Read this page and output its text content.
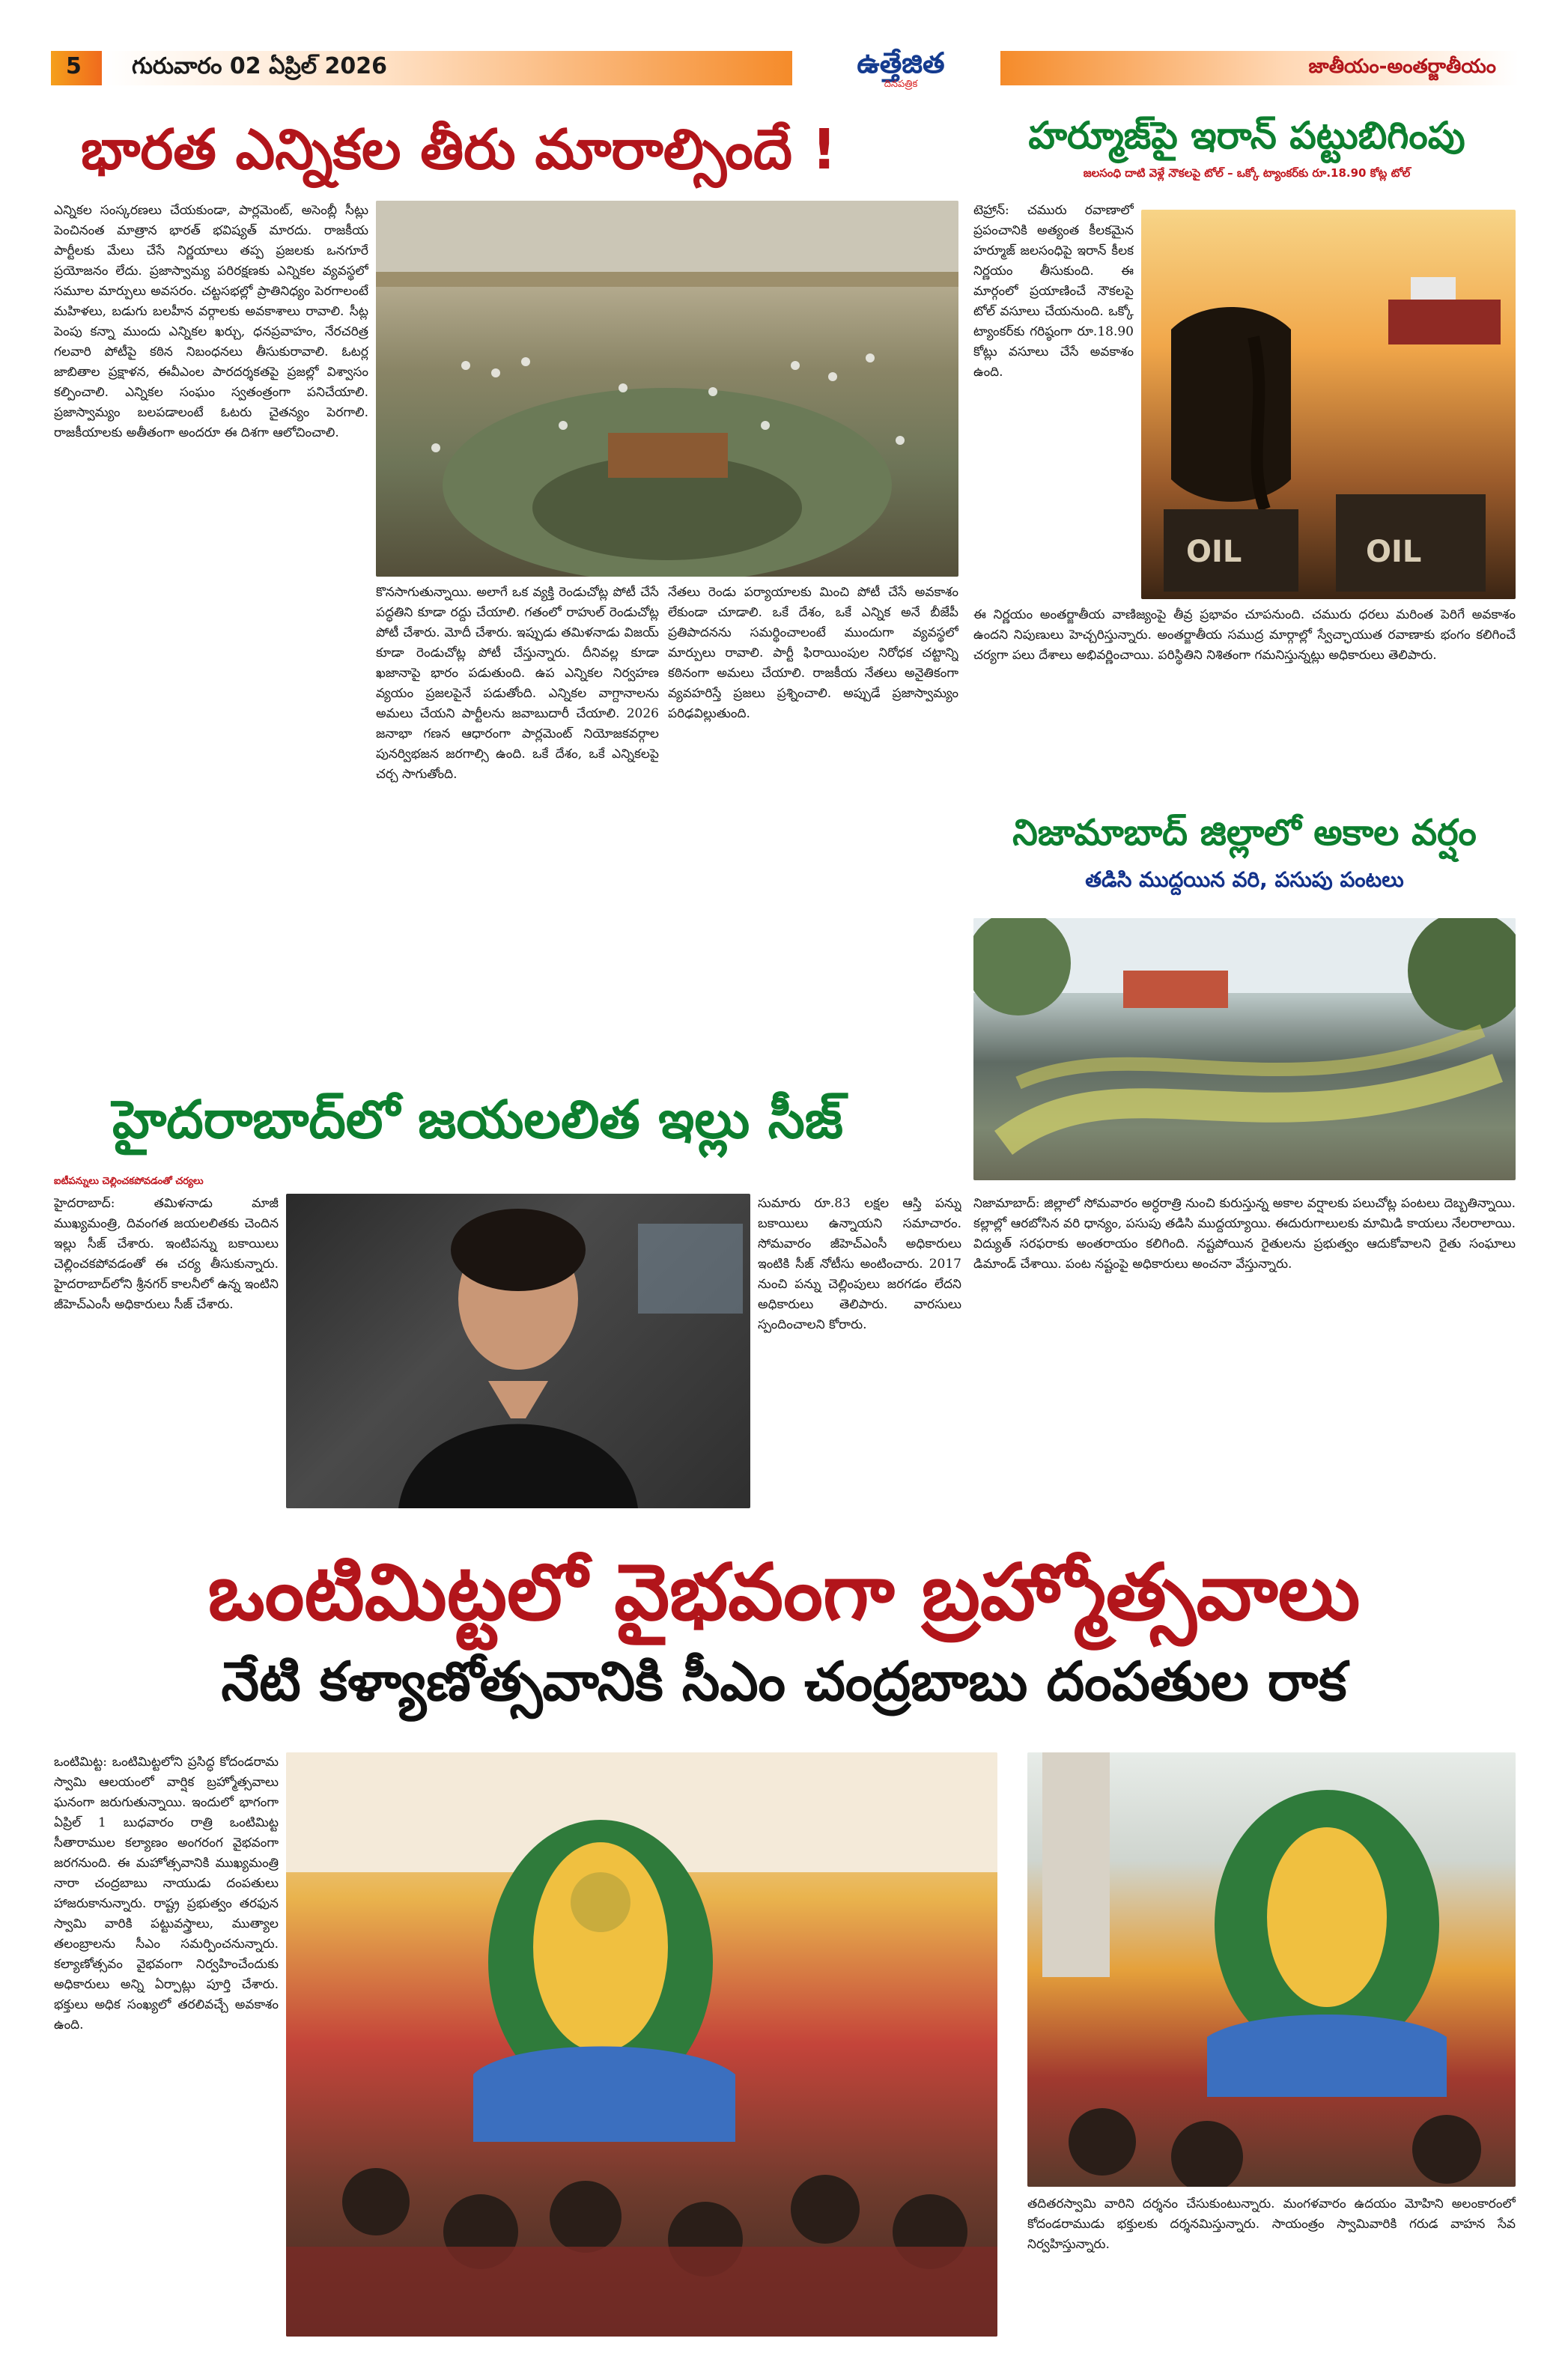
5 గురువారం 02 ఏప్రిల్ 2026	ఉత్తేజిత
దినపత్రిక
జాతీయం-అంతర్జాతీయం
భారత ఎన్నికల తీరు మారాల్సిందే !
ఎన్నికల సంస్కరణలు చేయకుండా, పార్లమెంట్, అసెంబ్లీ సీట్లు పెంచినంత మాత్రాన భారత్ భవిష్యత్ మారదు. రాజకీయ పార్టీలకు మేలు చేసే నిర్ణయాలు తప్ప ప్రజలకు ఒనగూరే ప్రయోజనం లేదు. ప్రజాస్వామ్య పరిరక్షణకు ఎన్నికల వ్యవస్థలో సమూల మార్పులు అవసరం. చట్టసభల్లో ప్రాతినిధ్యం పెరగాలంటే మహిళలు, బడుగు బలహీన వర్గాలకు అవకాశాలు రావాలి. సీట్ల పెంపు కన్నా ముందు ఎన్నికల ఖర్చు, ధనప్రవాహం, నేరచరిత్ర గలవారి పోటీపై కఠిన నిబంధనలు తీసుకురావాలి. ఓటర్ల జాబితాల ప్రక్షాళన, ఈవీఎంల పారదర్శకతపై ప్రజల్లో విశ్వాసం కల్పించాలి. ఎన్నికల సంఘం స్వతంత్రంగా పనిచేయాలి. ప్రజాస్వామ్యం బలపడాలంటే ఓటరు చైతన్యం పెరగాలి. రాజకీయాలకు అతీతంగా అందరూ ఈ దిశగా ఆలోచించాలి.
కొనసాగుతున్నాయి. అలాగే ఒక వ్యక్తి రెండుచోట్ల పోటీ చేసే పద్ధతిని కూడా రద్దు చేయాలి. గతంలో రాహుల్ రెండుచోట్ల పోటీ చేశారు. మోదీ చేశారు. ఇప్పుడు తమిళనాడు విజయ్ కూడా రెండుచోట్ల పోటీ చేస్తున్నారు. దీనివల్ల కూడా ఖజానాపై భారం పడుతుంది. ఉప ఎన్నికల నిర్వహణ వ్యయం ప్రజలపైనే పడుతోంది. ఎన్నికల వాగ్దానాలను అమలు చేయని పార్టీలను జవాబుదారీ చేయాలి. 2026 జనాభా గణన ఆధారంగా పార్లమెంట్ నియోజకవర్గాల పునర్విభజన జరగాల్సి ఉంది. ఒకే దేశం, ఒకే ఎన్నికలపై చర్చ సాగుతోంది.
నేతలు రెండు పర్యాయాలకు మించి పోటీ చేసే అవకాశం లేకుండా చూడాలి. ఒకే దేశం, ఒకే ఎన్నిక అనే బీజేపీ ప్రతిపాదనను సమర్థించాలంటే ముందుగా వ్యవస్థలో మార్పులు రావాలి. పార్టీ ఫిరాయింపుల నిరోధక చట్టాన్ని కఠినంగా అమలు చేయాలి. రాజకీయ నేతలు అనైతికంగా వ్యవహరిస్తే ప్రజలు ప్రశ్నించాలి. అప్పుడే ప్రజాస్వామ్యం పరిఢవిల్లుతుంది.
హర్మూజ్‌పై ఇరాన్ పట్టుబిగింపు
జలసంధి దాటి వెళ్లే నౌకలపై టోల్ – ఒక్కో ట్యాంకర్‌కు రూ.18.90 కోట్ల టోల్
టెహ్రాన్: చమురు రవాణాలో ప్రపంచానికి అత్యంత కీలకమైన హర్మూజ్ జలసంధిపై ఇరాన్ కీలక నిర్ణయం తీసుకుంది. ఈ మార్గంలో ప్రయాణించే నౌకలపై టోల్ వసూలు చేయనుంది. ఒక్కో ట్యాంకర్‌కు గరిష్ఠంగా రూ.18.90 కోట్లు వసూలు చేసే అవకాశం ఉంది.
OIL	OIL
ఈ నిర్ణయం అంతర్జాతీయ వాణిజ్యంపై తీవ్ర ప్రభావం చూపనుంది. చమురు ధరలు మరింత పెరిగే అవకాశం ఉందని నిపుణులు హెచ్చరిస్తున్నారు. అంతర్జాతీయ సముద్ర మార్గాల్లో స్వేచ్ఛాయుత రవాణాకు భంగం కలిగించే చర్యగా పలు దేశాలు అభివర్ణించాయి. పరిస్థితిని నిశితంగా గమనిస్తున్నట్లు అధికారులు తెలిపారు.
నిజామాబాద్ జిల్లాలో అకాల వర్షం
తడిసి ముద్దయిన వరి, పసుపు పంటలు
హైదరాబాద్‌లో జయలలిత ఇల్లు సీజ్
ఐటీపన్నులు చెల్లించకపోవడంతో చర్యలు
హైదరాబాద్: తమిళనాడు మాజీ ముఖ్యమంత్రి, దివంగత జయలలితకు చెందిన ఇల్లు సీజ్ చేశారు. ఇంటిపన్ను బకాయిలు చెల్లించకపోవడంతో ఈ చర్య తీసుకున్నారు. హైదరాబాద్‌లోని శ్రీనగర్ కాలనీలో ఉన్న ఇంటిని జీహెచ్ఎంసీ అధికారులు సీజ్ చేశారు.
సుమారు రూ.83 లక్షల ఆస్తి పన్ను బకాయిలు ఉన్నాయని సమాచారం. సోమవారం జీహెచ్ఎంసీ అధికారులు ఇంటికి సీజ్ నోటీసు అంటించారు. 2017 నుంచి పన్ను చెల్లింపులు జరగడం లేదని అధికారులు తెలిపారు. వారసులు స్పందించాలని కోరారు.
నిజామాబాద్: జిల్లాలో సోమవారం అర్ధరాత్రి నుంచి కురుస్తున్న అకాల వర్షాలకు పలుచోట్ల పంటలు దెబ్బతిన్నాయి. కల్లాల్లో ఆరబోసిన వరి ధాన్యం, పసుపు తడిసి ముద్దయ్యాయి. ఈదురుగాలులకు మామిడి కాయలు నేలరాలాయి. విద్యుత్ సరఫరాకు అంతరాయం కలిగింది. నష్టపోయిన రైతులను ప్రభుత్వం ఆదుకోవాలని రైతు సంఘాలు డిమాండ్ చేశాయి. పంట నష్టంపై అధికారులు అంచనా వేస్తున్నారు.
ఒంటిమిట్టలో వైభవంగా బ్రహ్మోత్సవాలు
నేటి కళ్యాణోత్సవానికి సీఎం చంద్రబాబు దంపతుల రాక
ఒంటిమిట్ట: ఒంటిమిట్టలోని ప్రసిద్ధ కోదండరామ స్వామి ఆలయంలో వార్షిక బ్రహ్మోత్సవాలు ఘనంగా జరుగుతున్నాయి. ఇందులో భాగంగా ఏప్రిల్ 1 బుధవారం రాత్రి ఒంటిమిట్ట సీతారాముల కల్యాణం అంగరంగ వైభవంగా జరగనుంది. ఈ మహోత్సవానికి ముఖ్యమంత్రి నారా చంద్రబాబు నాయుడు దంపతులు హాజరుకానున్నారు. రాష్ట్ర ప్రభుత్వం తరఫున స్వామి వారికి పట్టువస్త్రాలు, ముత్యాల తలంబ్రాలను సీఎం సమర్పించనున్నారు. కల్యాణోత్సవం వైభవంగా నిర్వహించేందుకు అధికారులు అన్ని ఏర్పాట్లు పూర్తి చేశారు. భక్తులు అధిక సంఖ్యలో తరలివచ్చే అవకాశం ఉంది.
తదితరస్వామి వారిని దర్శనం చేసుకుంటున్నారు. మంగళవారం ఉదయం మోహిని అలంకారంలో కోదండరాముడు భక్తులకు దర్శనమిస్తున్నారు. సాయంత్రం స్వామివారికి గరుడ వాహన సేవ నిర్వహిస్తున్నారు.
